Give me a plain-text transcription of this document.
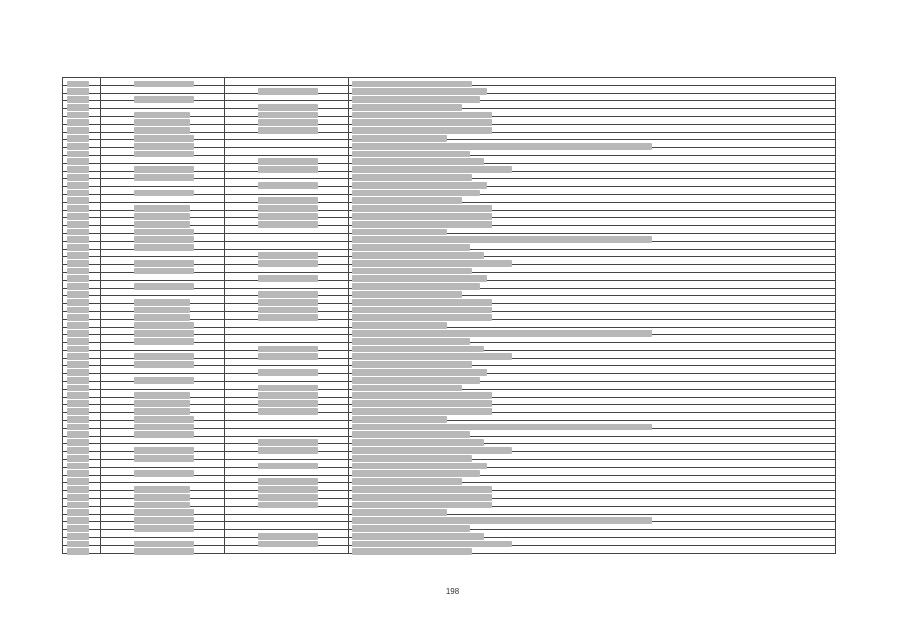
198
